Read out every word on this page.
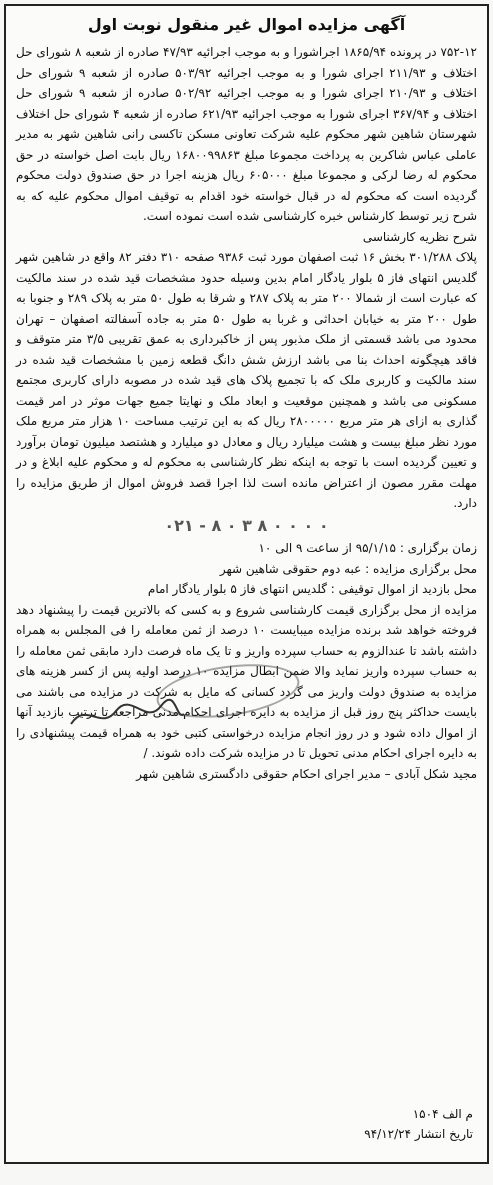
آگهی مزایده اموال غیر منقول نوبت اول

۷۵۲-۱۲ در پرونده ۱۸۶۵/۹۴ اجراشورا و به موجب اجرائیه ۴۷/۹۳ صادره از شعبه ۸ شورای حل اختلاف و ۲۱۱/۹۳ اجرای شورا و به موجب اجرائیه ۵۰۳/۹۲ صادره از شعبه ۹ شورای حل اختلاف و ۲۱۰/۹۳ اجرای شورا و به موجب اجرائیه ۵۰۲/۹۲ صادره از شعبه ۹ شورای حل اختلاف و ۳۶۷/۹۴ اجرای شورا به موجب اجرائیه ۶۲۱/۹۳ صادره از شعبه ۴ شورای حل اختلاف شهرستان شاهین شهر محکوم علیه شرکت تعاونی مسکن تاکسی رانی شاهین شهر به مدیر عاملی عباس شاکرین به پرداخت مجموعا مبلغ ۱۶۸۰۰۹۹۸۶۳ ریال بابت اصل خواسته در حق محکوم له رضا لرکی و مجموعا مبلغ ۶۰۵۰۰۰ ریال هزینه اجرا در حق صندوق دولت محکوم گردیده است که محکوم له در قبال خواسته خود اقدام به توقیف اموال محکوم علیه که به شرح زیر توسط کارشناس خبره کارشناسی شده است نموده است.

شرح نظریه کارشناسی

پلاک ۳۰۱/۲۸۸ بخش ۱۶ ثبت اصفهان مورد ثبت ۹۳۸۶ صفحه ۳۱۰ دفتر ۸۲ واقع در شاهین شهر گلدیس انتهای فاز ۵ بلوار یادگار امام بدین وسیله حدود مشخصات قید شده در سند مالکیت که عبارت است از شمالا ۲۰۰ متر به پلاک ۲۸۷ و شرقا به طول ۵۰ متر به پلاک ۲۸۹ و جنوبا به طول ۲۰۰ متر به خیابان احداثی و غربا به طول ۵۰ متر به جاده آسفالته اصفهان – تهران محدود می باشد قسمتی از ملک مذبور پس از خاکبرداری به عمق تقریبی ۳/۵ متر متوقف و فاقد هیچگونه احداث بنا می باشد ارزش شش دانگ قطعه زمین با مشخصات قید شده در سند مالکیت و کاربری ملک که با تجمیع پلاک های قید شده در مصوبه دارای کاربری مجتمع مسکونی می باشد و همچنین موقعیت و ابعاد ملک و نهایتا جمیع جهات موثر در امر قیمت گذاری به ازای هر متر مربع ۲۸۰۰۰۰۰ ریال که به این ترتیب مساحت ۱۰ هزار متر مربع ملک مورد نظر مبلغ بیست و هشت میلیارد ریال و معادل دو میلیارد و هشتصد میلیون تومان برآورد و تعیین گردیده است با توجه به اینکه نظر کارشناسی به محکوم له و محکوم علیه ابلاغ و در مهلت مقرر مصون از اعتراض مانده است لذا اجرا قصد فروش اموال از طریق مزایده را دارد.

۰۲۱ - ۸ ۰ ۳ ۸ ۰ ۰ ۰ ۰

زمان برگزاری : ۹۵/۱/۱۵ از ساعت ۹ الی ۱۰

محل برگزاری مزایده : عبه دوم حقوقی شاهین شهر

محل بازدید از اموال توقیفی : گلدیس انتهای فاز ۵ بلوار یادگار امام

مزایده از محل برگزاری قیمت کارشناسی شروع و به کسی که بالاترین قیمت را پیشنهاد دهد فروخته خواهد شد برنده مزایده میبایست ۱۰ درصد از ثمن معامله را فی المجلس به همراه داشته باشد تا عندالزوم به حساب سپرده واریز و تا یک ماه فرصت دارد مابقی ثمن معامله را به حساب سپرده واریز نماید والا ضمن ابطال مزایده ۱۰ درصد اولیه پس از کسر هزینه های مزایده به صندوق دولت واریز می گردد کسانی که مایل به شرکت در مزایده می باشند می بایست حداکثر پنج روز قبل از مزایده به دایره اجرای احکام مدنی مراجعه تا ترتیب بازدید آنها از اموال داده شود و در روز انجام مزایده درخواستی کتبی خود به همراه قیمت پیشنهادی را به دایره اجرای احکام مدنی تحویل تا در مزایده شرکت داده شوند. /

مجید شکل آبادی – مدیر اجرای احکام حقوقی دادگستری شاهین شهر

م الف ۱۵۰۴
تاریخ انتشار ۹۴/۱۲/۲۴
